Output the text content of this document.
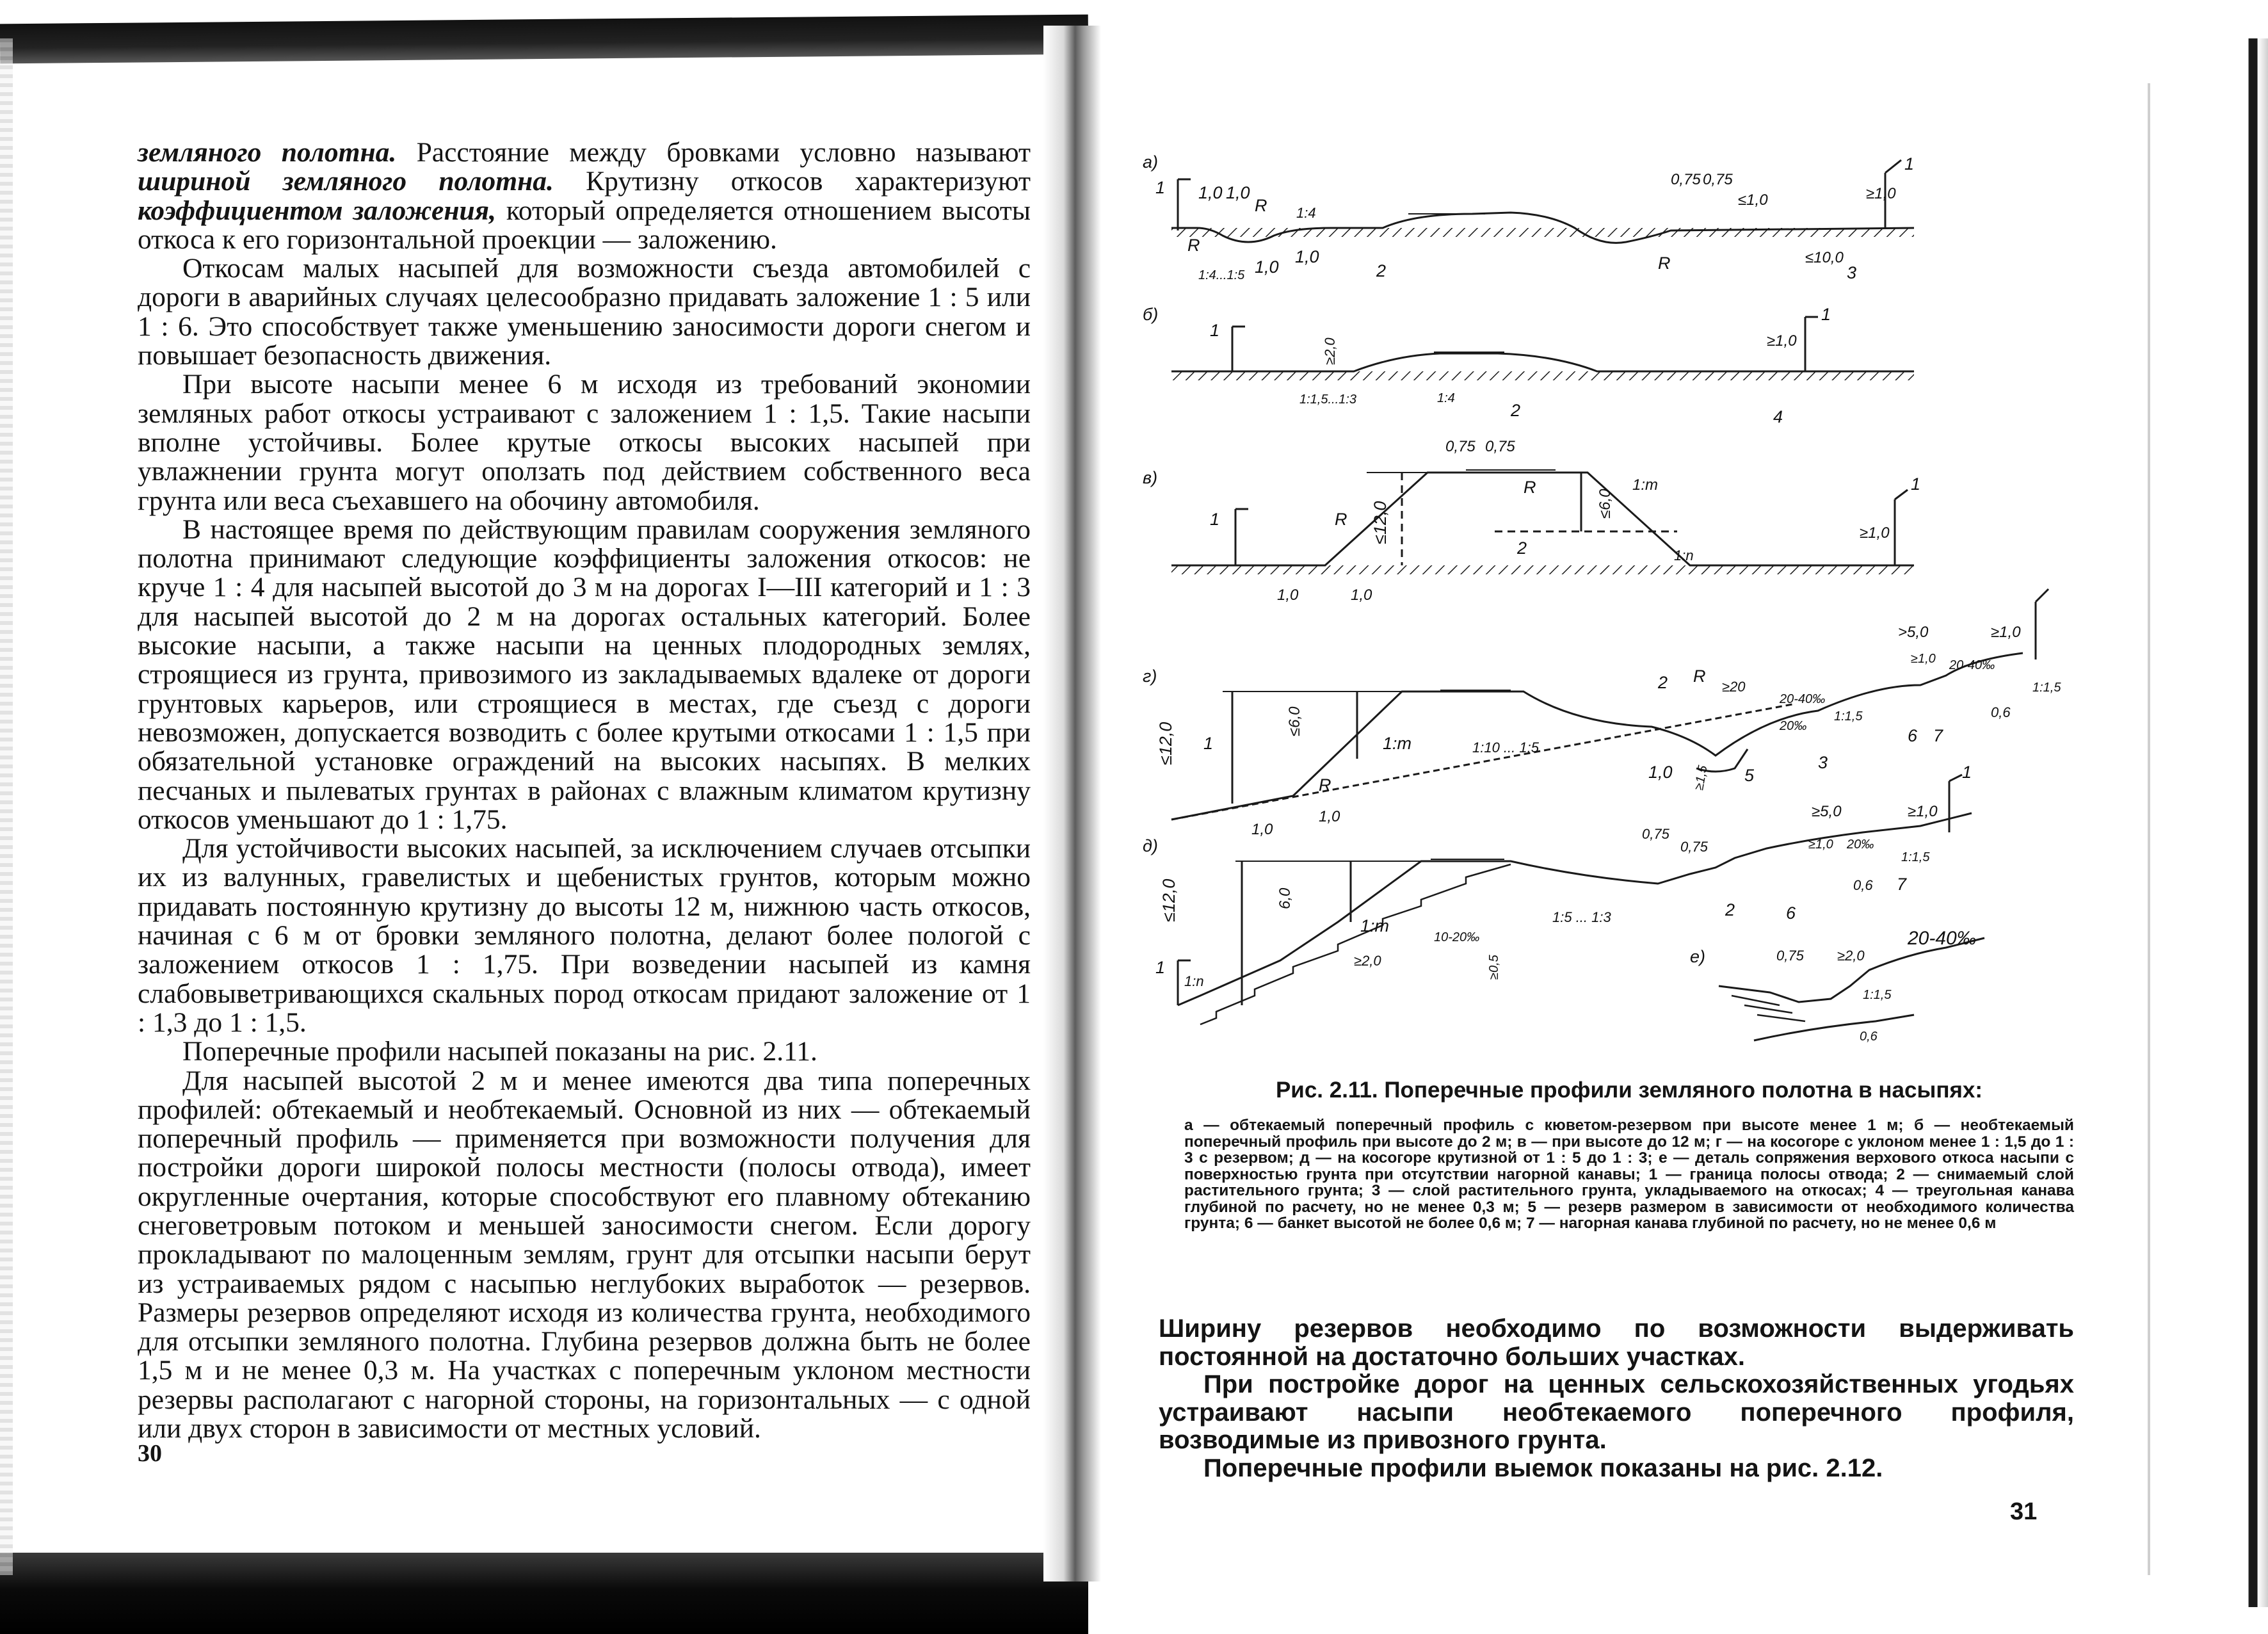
земляного полотна. Расстояние между бровками условно называют шириной земляного полотна. Крутизну откосов характеризуют коэффициентом заложения, который определяется отношением высоты откоса к его горизонтальной проекции — заложению.

Откосам малых насыпей для возможности съезда автомобилей с дороги в аварийных случаях целесообразно придавать заложение 1 : 5 или 1 : 6. Это способствует также уменьшению заносимости дороги снегом и повышает безопасность движения.

При высоте насыпи менее 6 м исходя из требований экономии земляных работ откосы устраивают с заложением 1 : 1,5. Такие насыпи вполне устойчивы. Более крутые откосы высоких насыпей при увлажнении грунта могут оползать под действием собственного веса грунта или веса съехавшего на обочину автомобиля.

В настоящее время по действующим правилам сооружения земляного полотна принимают следующие коэффициенты заложения откосов: не круче 1 : 4 для насыпей высотой до 3 м на дорогах I—III категорий и 1 : 3 для насыпей высотой до 2 м на дорогах остальных категорий. Более высокие насыпи, а также насыпи на ценных плодородных землях, строящиеся из грунта, привозимого из закладываемых вдалеке от дороги грунтовых карьеров, или строящиеся в местах, где съезд с дороги невозможен, допускается возводить с более крутыми откосами 1 : 1,5 при обязательной установке ограждений на высоких насыпях. В мелких песчаных и пылеватых грунтах в районах с влажным климатом крутизну откосов уменьшают до 1 : 1,75.

Для устойчивости высоких насыпей, за исключением случаев отсыпки их из валунных, гравелистых и щебенистых грунтов, которым можно придавать постоянную крутизну до высоты 12 м, нижнюю часть откосов, начиная с 6 м от бровки земляного полотна, делают более пологой с заложением откосов 1 : 1,75. При возведении насыпей из камня слабовыветривающихся скальных пород откосам придают заложение от 1 : 1,3 до 1 : 1,5.

Поперечные профили насыпей показаны на рис. 2.11.

Для насыпей высотой 2 м и менее имеются два типа поперечных профилей: обтекаемый и необтекаемый. Основной из них — обтекаемый поперечный профиль — применяется при возможности получения для постройки дороги широкой полосы местности (полосы отвода), имеет округленные очертания, которые способствуют его плавному обтеканию снеговетровым потоком и меньшей заносимости снегом. Если дорогу прокладывают по малоценным землям, грунт для отсыпки насыпи берут из устраиваемых рядом с насыпью неглубоких выработок — резервов. Размеры резервов определяют исходя из количества грунта, необходимого для отсыпки земляного полотна. Глубина резервов должна быть не более 1,5 м и не менее 0,3 м. На участках с поперечным уклоном местности резервы располагают с нагорной стороны, на горизонтальных — с одной или двух сторон в зависимости от местных условий.

30
а)
1 1,0 1,0
R
R
1:4
1:4...1:5 1,0
1,0
2
0,75 0,75
≤1,0
R
≥1,0
≤10,0
3
1
б)
1
≥2,0
1:1,5...1:3	1:4
2
≥1,0
1
4
в)
0,75 0,75
≤12,0
R
R
1:m
≤6,0
1
2	1:n
≥1,0
1
1,0	1,0
г)
>5,0	≥1,0
≥1,0 20-40‰
1:1,5
2 R
≥20
20-40‰
20‰
1:1,5
≤12,0
≤6,0
1	1:m	1:10 ... 1:5
1,0 ≥1,5 5
3
0,6
6 7
R
1,0
1,0
д)
0,75
0,75
≥5,0	≥1,0
1
≥1,0 20‰
1:1,5
≤12,0	6,0
1:m
10-20‰
1:5 ... 1:3
≥2,0	≥0,5
2	6
0,6 7
1
1:n
е)	0,75 ≥2,0
20-40‰
1:1,5
0,6
Рис. 2.11. Поперечные профили земляного полотна в насыпях:
а — обтекаемый поперечный профиль с кюветом-резервом при высоте менее 1 м; б — необтекаемый поперечный профиль при высоте до 2 м; в — при высоте до 12 м; г — на косогоре с уклоном менее 1 : 1,5 до 1 : 3 с резервом; д — на косогоре крутизной от 1 : 5 до 1 : 3; е — деталь сопряжения верхового откоса насыпи с поверхностью грунта при отсутствии нагорной канавы; 1 — граница полосы отвода; 2 — снимаемый слой растительного грунта; 3 — слой растительного грунта, укладываемого на откосах; 4 — треугольная канава глубиной по расчету, но не менее 0,3 м; 5 — резерв размером в зависимости от необходимого количества грунта; 6 — банкет высотой не более 0,6 м; 7 — нагорная канава глубиной по расчету, но не менее 0,6 м

Ширину резервов необходимо по возможности выдерживать постоянной на достаточно больших участках.

При постройке дорог на ценных сельскохозяйственных угодьях устраивают насыпи необтекаемого поперечного профиля, возводимые из привозного грунта.

Поперечные профили выемок показаны на рис. 2.12.

31
